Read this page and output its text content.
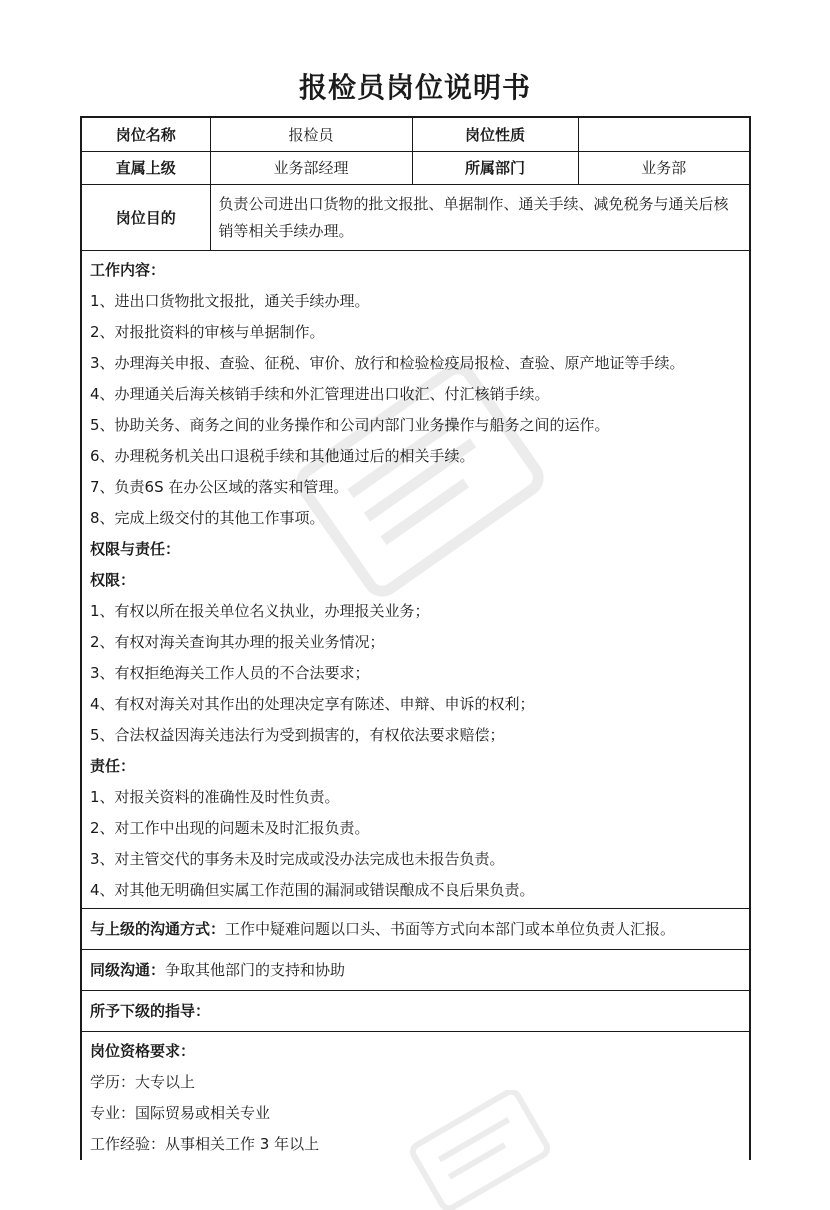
报检员岗位说明书
岗位名称	报检员	岗位性质	
直属上级	业务部经理	所属部门	业务部
岗位目的	负责公司进出口货物的批文报批、单据制作、通关手续、减免税务与通关后核销等相关手续办理。		
工作内容：
1、进出口货物批文报批，通关手续办理。
2、对报批资料的审核与单据制作。
3、办理海关申报、查验、征税、审价、放行和检验检疫局报检、查验、原产地证等手续。
4、办理通关后海关核销手续和外汇管理进出口收汇、付汇核销手续。
5、协助关务、商务之间的业务操作和公司内部门业务操作与船务之间的运作。
6、办理税务机关出口退税手续和其他通过后的相关手续。
7、负责6S 在办公区域的落实和管理。
8、完成上级交付的其他工作事项。
权限与责任：
权限：
1、有权以所在报关单位名义执业，办理报关业务；
2、有权对海关查询其办理的报关业务情况；
3、有权拒绝海关工作人员的不合法要求；
4、有权对海关对其作出的处理决定享有陈述、申辩、申诉的权利；
5、合法权益因海关违法行为受到损害的，有权依法要求赔偿；
责任：
1、对报关资料的准确性及时性负责。
2、对工作中出现的问题未及时汇报负责。
3、对主管交代的事务未及时完成或没办法完成也未报告负责。
4、对其他无明确但实属工作范围的漏洞或错误酿成不良后果负责。
与上级的沟通方式：工作中疑难问题以口头、书面等方式向本部门或本单位负责人汇报。
同级沟通：争取其他部门的支持和协助
所予下级的指导：
岗位资格要求：
学历：大专以上
专业：国际贸易或相关专业
工作经验：从事相关工作 3 年以上
